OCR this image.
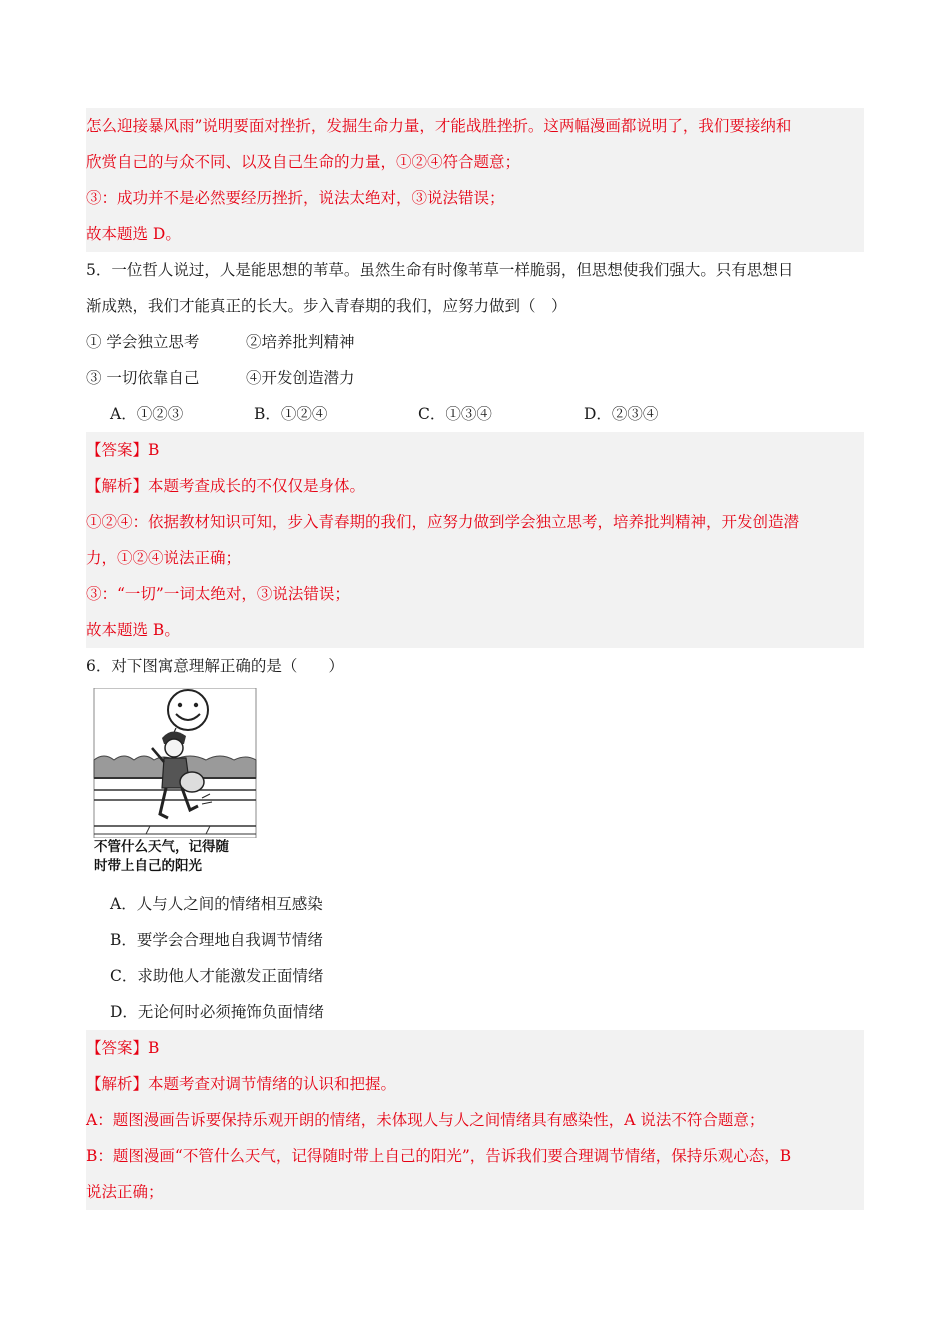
怎么迎接暴风雨”说明要面对挫折，发掘生命力量，才能战胜挫折。这两幅漫画都说明了，我们要接纳和
欣赏自己的与众不同、以及自己生命的力量，①②④符合题意；
③：成功并不是必然要经历挫折，说法太绝对，③说法错误；
故本题选 D。
5．一位哲人说过，人是能思想的苇草。虽然生命有时像苇草一样脆弱，但思想使我们强大。只有思想日
渐成熟，我们才能真正的长大。步入青春期的我们，应努力做到（　）
① 学会独立思考	②培养批判精神
③ 一切依靠自己	④开发创造潜力
A．①②③	B．①②④	C．①③④	D．②③④
【答案】B
【解析】本题考查成长的不仅仅是身体。
①②④：依据教材知识可知，步入青春期的我们，应努力做到学会独立思考，培养批判精神，开发创造潜
力，①②④说法正确；
③：“一切”一词太绝对，③说法错误；
故本题选 B。
6．对下图寓意理解正确的是（　　）
不管什么天气，记得随
时带上自己的阳光
A．人与人之间的情绪相互感染
B．要学会合理地自我调节情绪
C．求助他人才能激发正面情绪
D．无论何时必须掩饰负面情绪
【答案】B
【解析】本题考查对调节情绪的认识和把握。
A：题图漫画告诉要保持乐观开朗的情绪，未体现人与人之间情绪具有感染性，A 说法不符合题意；
B：题图漫画“不管什么天气，记得随时带上自己的阳光”，告诉我们要合理调节情绪，保持乐观心态，B
说法正确；
